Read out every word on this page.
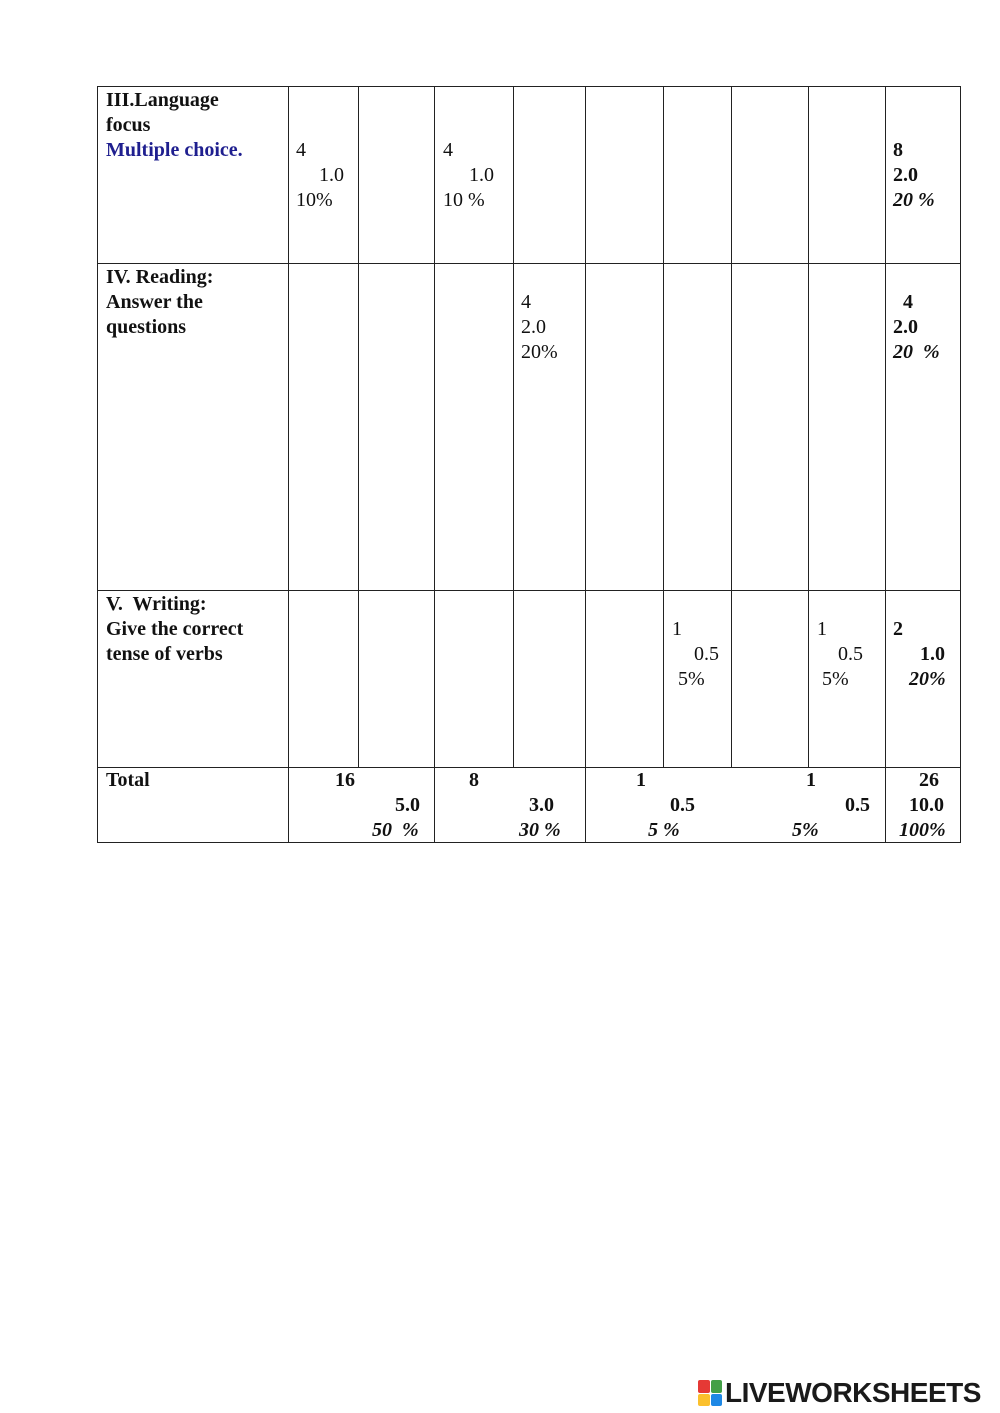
III.Language
focus
Multiple choice.	4
1.0
10%
4
1.0
10 %
8
2.0
20 %
IV. Reading:
Answer the
questions
4
2.0
20%
4
2.0
20  %
V.  Writing:
Give the correct
tense of verbs
1
0.5
5%
1
0.5
5%
2
1.0
20%
Total	16
5.0
50  %
8
3.0
30 %
1
0.5
5 %
1
0.5
5%
26
10.0
100%
LIVEWORKSHEETS
